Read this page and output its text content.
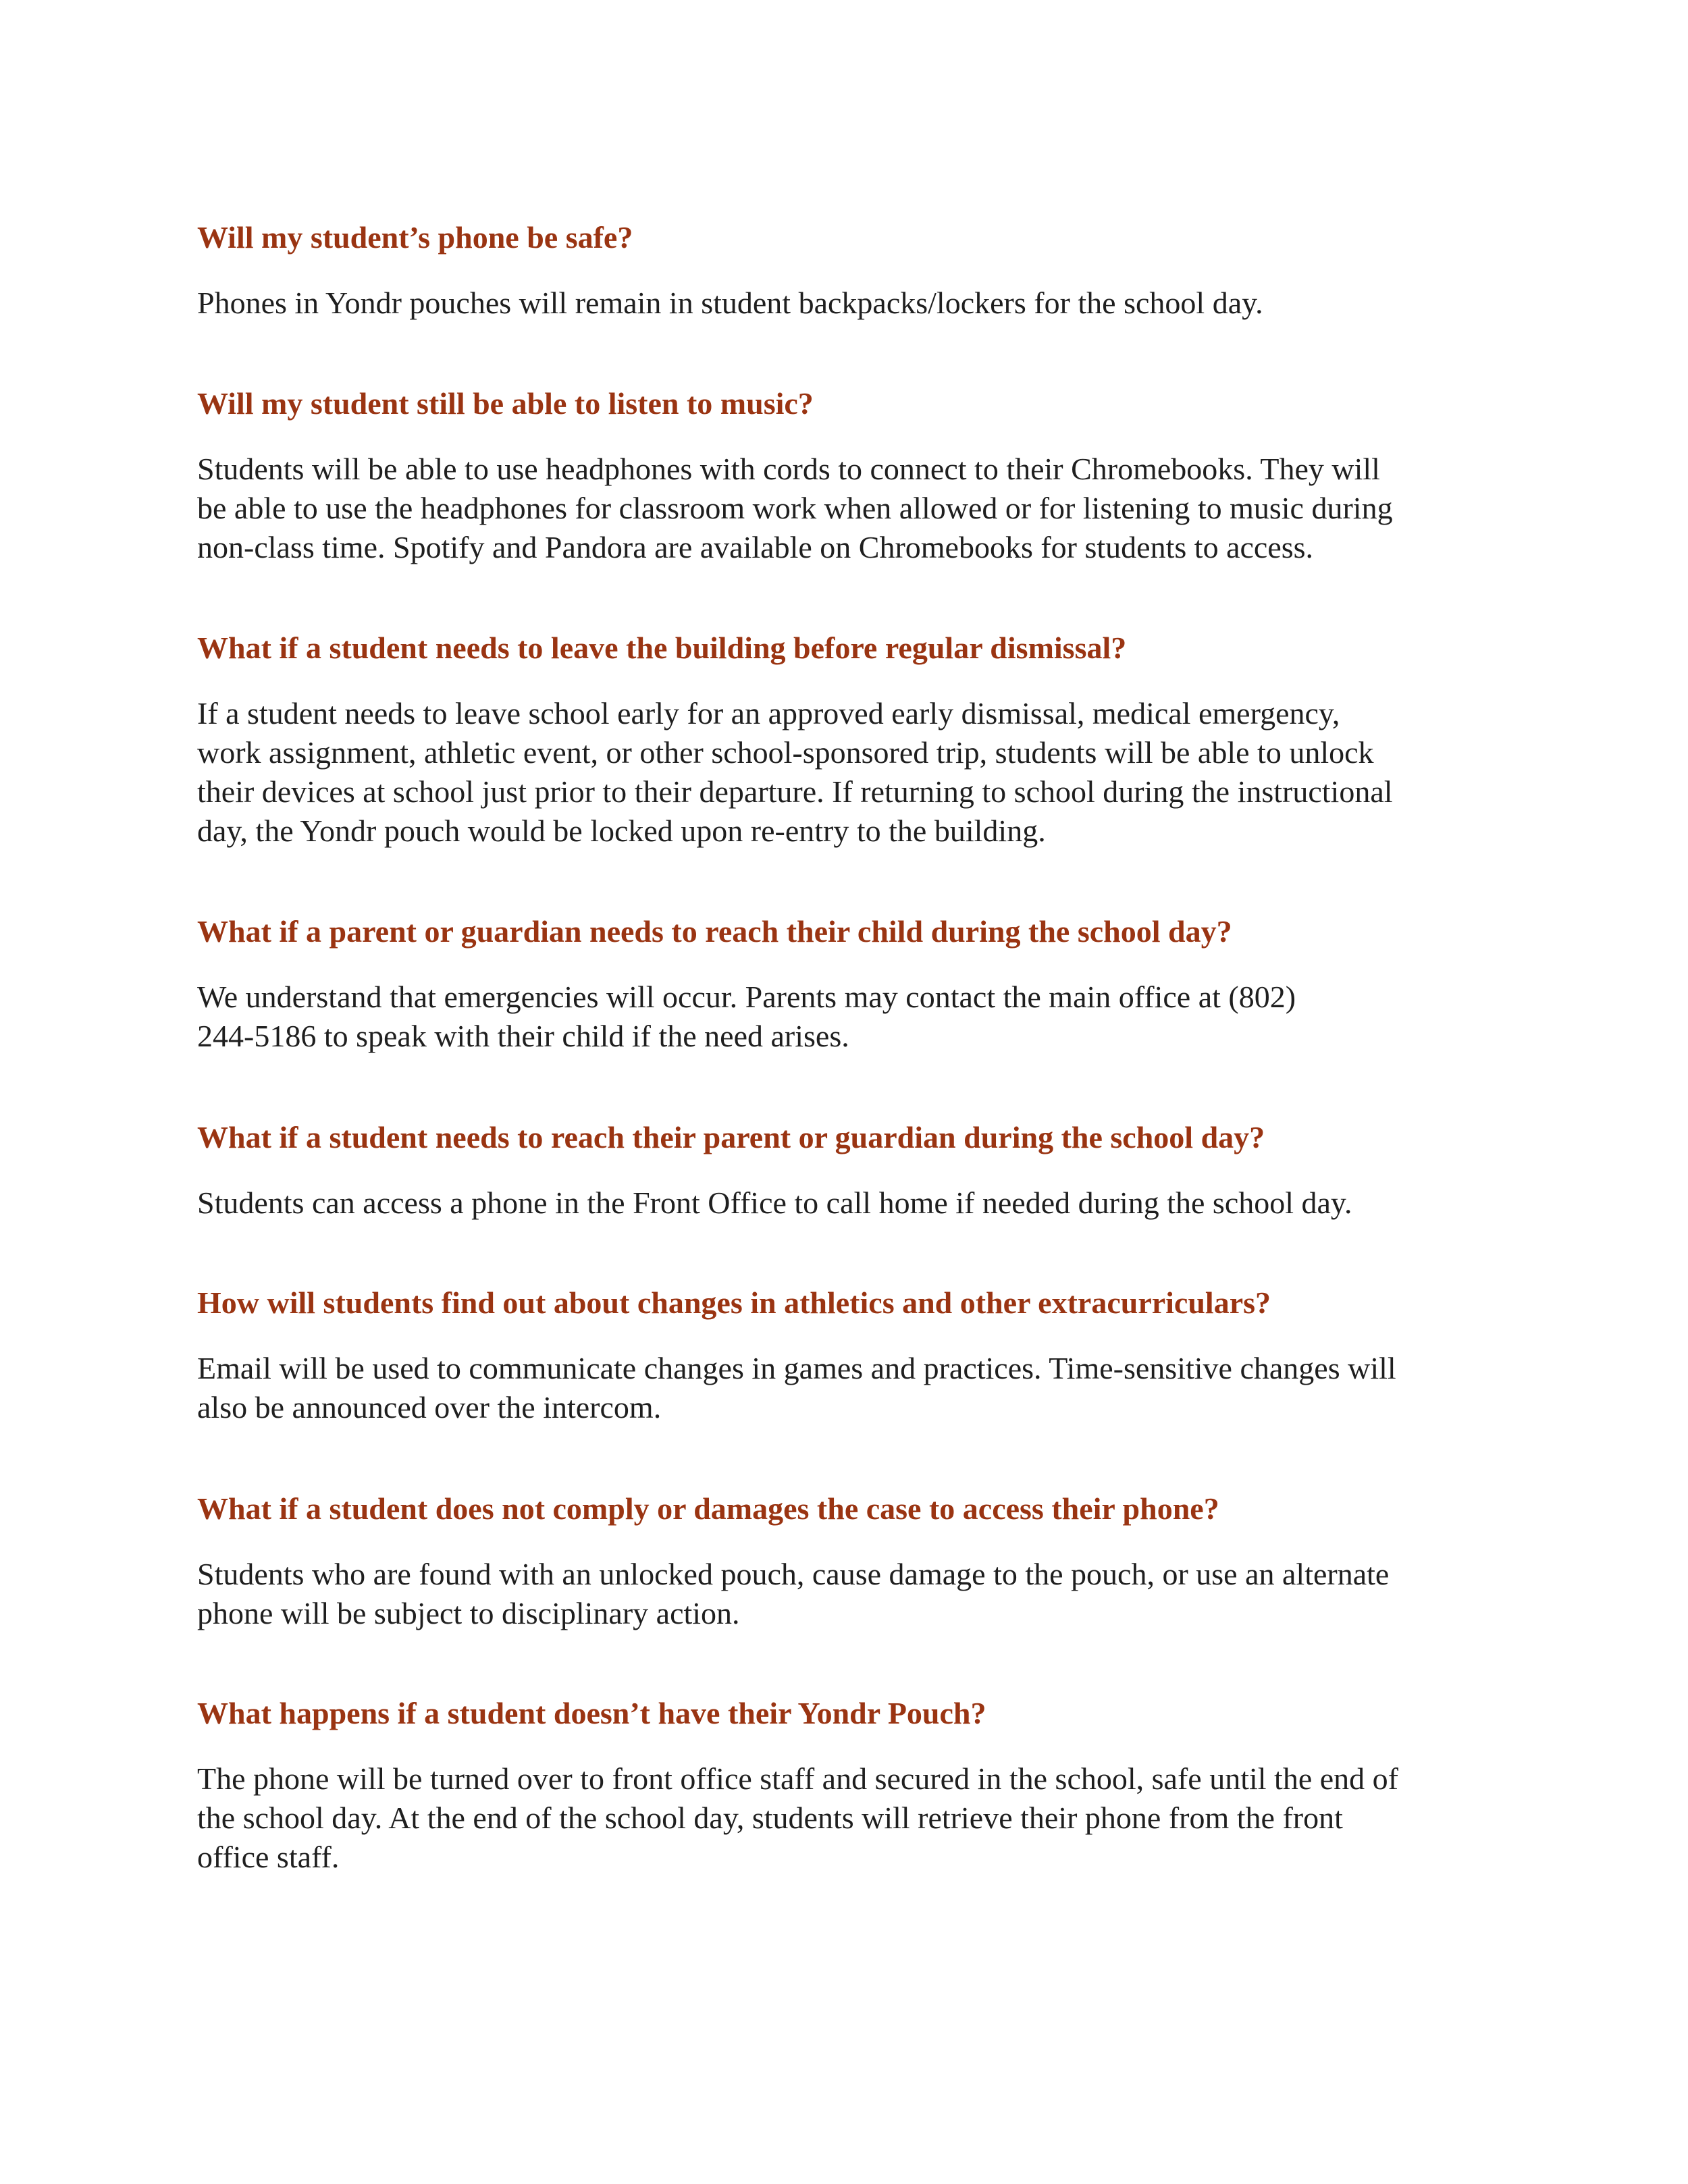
Will my student’s phone be safe?

Phones in Yondr pouches will remain in student backpacks/lockers for the school day.

Will my student still be able to listen to music?

Students will be able to use headphones with cords to connect to their Chromebooks. They will
be able to use the headphones for classroom work when allowed or for listening to music during
non-class time. Spotify and Pandora are available on Chromebooks for students to access.

What if a student needs to leave the building before regular dismissal?

If a student needs to leave school early for an approved early dismissal, medical emergency,
work assignment, athletic event, or other school-sponsored trip, students will be able to unlock
their devices at school just prior to their departure. If returning to school during the instructional
day, the Yondr pouch would be locked upon re-entry to the building.

What if a parent or guardian needs to reach their child during the school day?

We understand that emergencies will occur. Parents may contact the main office at (802)
244-5186 to speak with their child if the need arises.

What if a student needs to reach their parent or guardian during the school day?

Students can access a phone in the Front Office to call home if needed during the school day.

How will students find out about changes in athletics and other extracurriculars?

Email will be used to communicate changes in games and practices. Time-sensitive changes will
also be announced over the intercom.

What if a student does not comply or damages the case to access their phone?

Students who are found with an unlocked pouch, cause damage to the pouch, or use an alternate
phone will be subject to disciplinary action.

What happens if a student doesn’t have their Yondr Pouch?

The phone will be turned over to front office staff and secured in the school, safe until the end of
the school day. At the end of the school day, students will retrieve their phone from the front
office staff.
